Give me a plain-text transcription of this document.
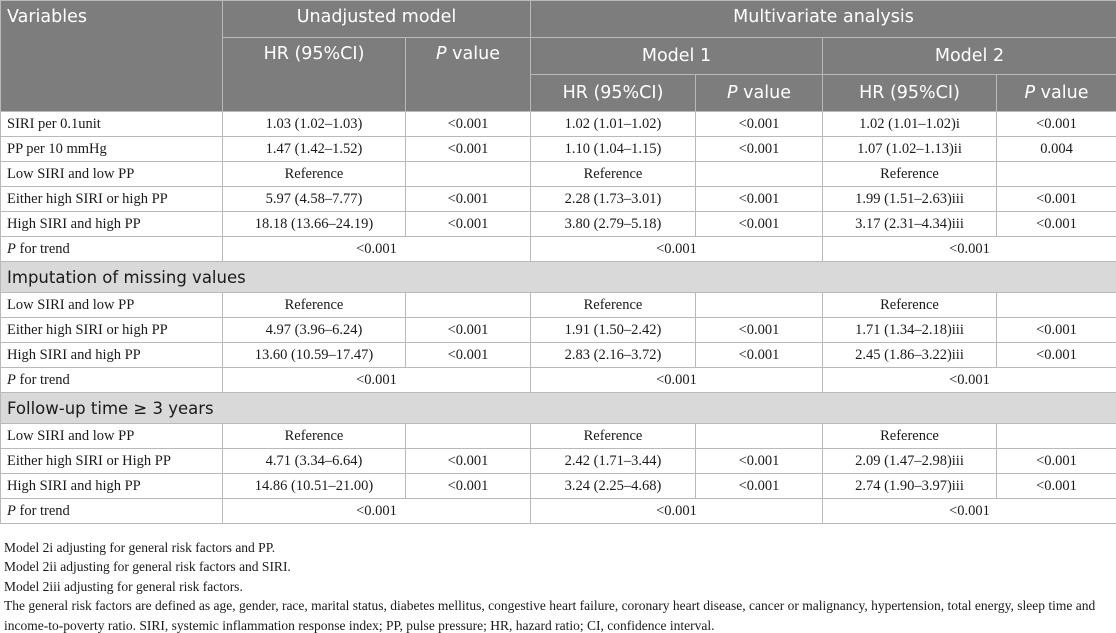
Variables	Unadjusted model		Multivariate analysis			
	HR (95%CI)	P value	Model 1		Model 2	
			HR (95%CI)	P value	HR (95%CI)	P value
SIRI per 0.1unit	1.03 (1.02–1.03)	<0.001	1.02 (1.01–1.02)	<0.001	1.02 (1.01–1.02)i	<0.001
PP per 10 mmHg	1.47 (1.42–1.52)	<0.001	1.10 (1.04–1.15)	<0.001	1.07 (1.02–1.13)ii	0.004
Low SIRI and low PP	Reference		Reference		Reference	
Either high SIRI or high PP	5.97 (4.58–7.77)	<0.001	2.28 (1.73–3.01)	<0.001	1.99 (1.51–2.63)iii	<0.001
High SIRI and high PP	18.18 (13.66–24.19)	<0.001	3.80 (2.79–5.18)	<0.001	3.17 (2.31–4.34)iii	<0.001
P for trend	<0.001		<0.001		<0.001	
Imputation of missing values						
Low SIRI and low PP	Reference		Reference		Reference	
Either high SIRI or high PP	4.97 (3.96–6.24)	<0.001	1.91 (1.50–2.42)	<0.001	1.71 (1.34–2.18)iii	<0.001
High SIRI and high PP	13.60 (10.59–17.47)	<0.001	2.83 (2.16–3.72)	<0.001	2.45 (1.86–3.22)iii	<0.001
P for trend	<0.001		<0.001		<0.001	
Follow-up time ≥ 3 years						
Low SIRI and low PP	Reference		Reference		Reference	
Either high SIRI or High PP	4.71 (3.34–6.64)	<0.001	2.42 (1.71–3.44)	<0.001	2.09 (1.47–2.98)iii	<0.001
High SIRI and high PP	14.86 (10.51–21.00)	<0.001	3.24 (2.25–4.68)	<0.001	2.74 (1.90–3.97)iii	<0.001
P for trend	<0.001		<0.001		<0.001	

Model 2i adjusting for general risk factors and PP.

Model 2ii adjusting for general risk factors and SIRI.

Model 2iii adjusting for general risk factors.

The general risk factors are defined as age, gender, race, marital status, diabetes mellitus, congestive heart failure, coronary heart disease, cancer or malignancy, hypertension, total energy, sleep time and income-to-poverty ratio. SIRI, systemic inflammation response index; PP, pulse pressure; HR, hazard ratio; CI, confidence interval.
